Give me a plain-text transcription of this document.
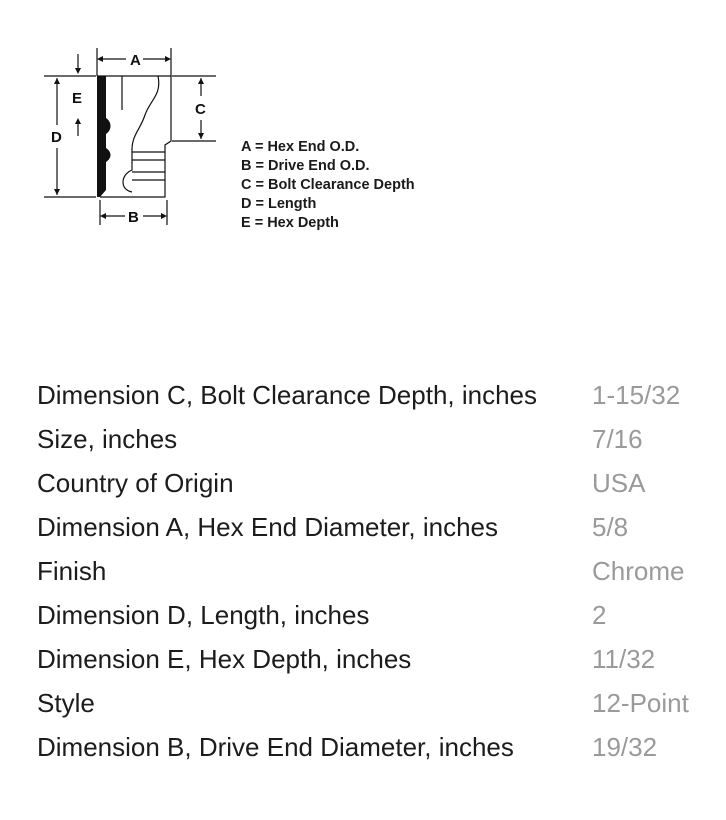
A
B
C
D
E
A = Hex End O.D.
B = Drive End O.D.
C = Bolt Clearance Depth
D = Length
E = Hex Depth
Dimension C, Bolt Clearance Depth, inches 1-15/32
Size, inches	7/16
Country of Origin	USA
Dimension A, Hex End Diameter, inches	5/8
Finish	Chrome
Dimension D, Length, inches	2
Dimension E, Hex Depth, inches	11/32
Style	12-Point
Dimension B, Drive End Diameter, inches	19/32
